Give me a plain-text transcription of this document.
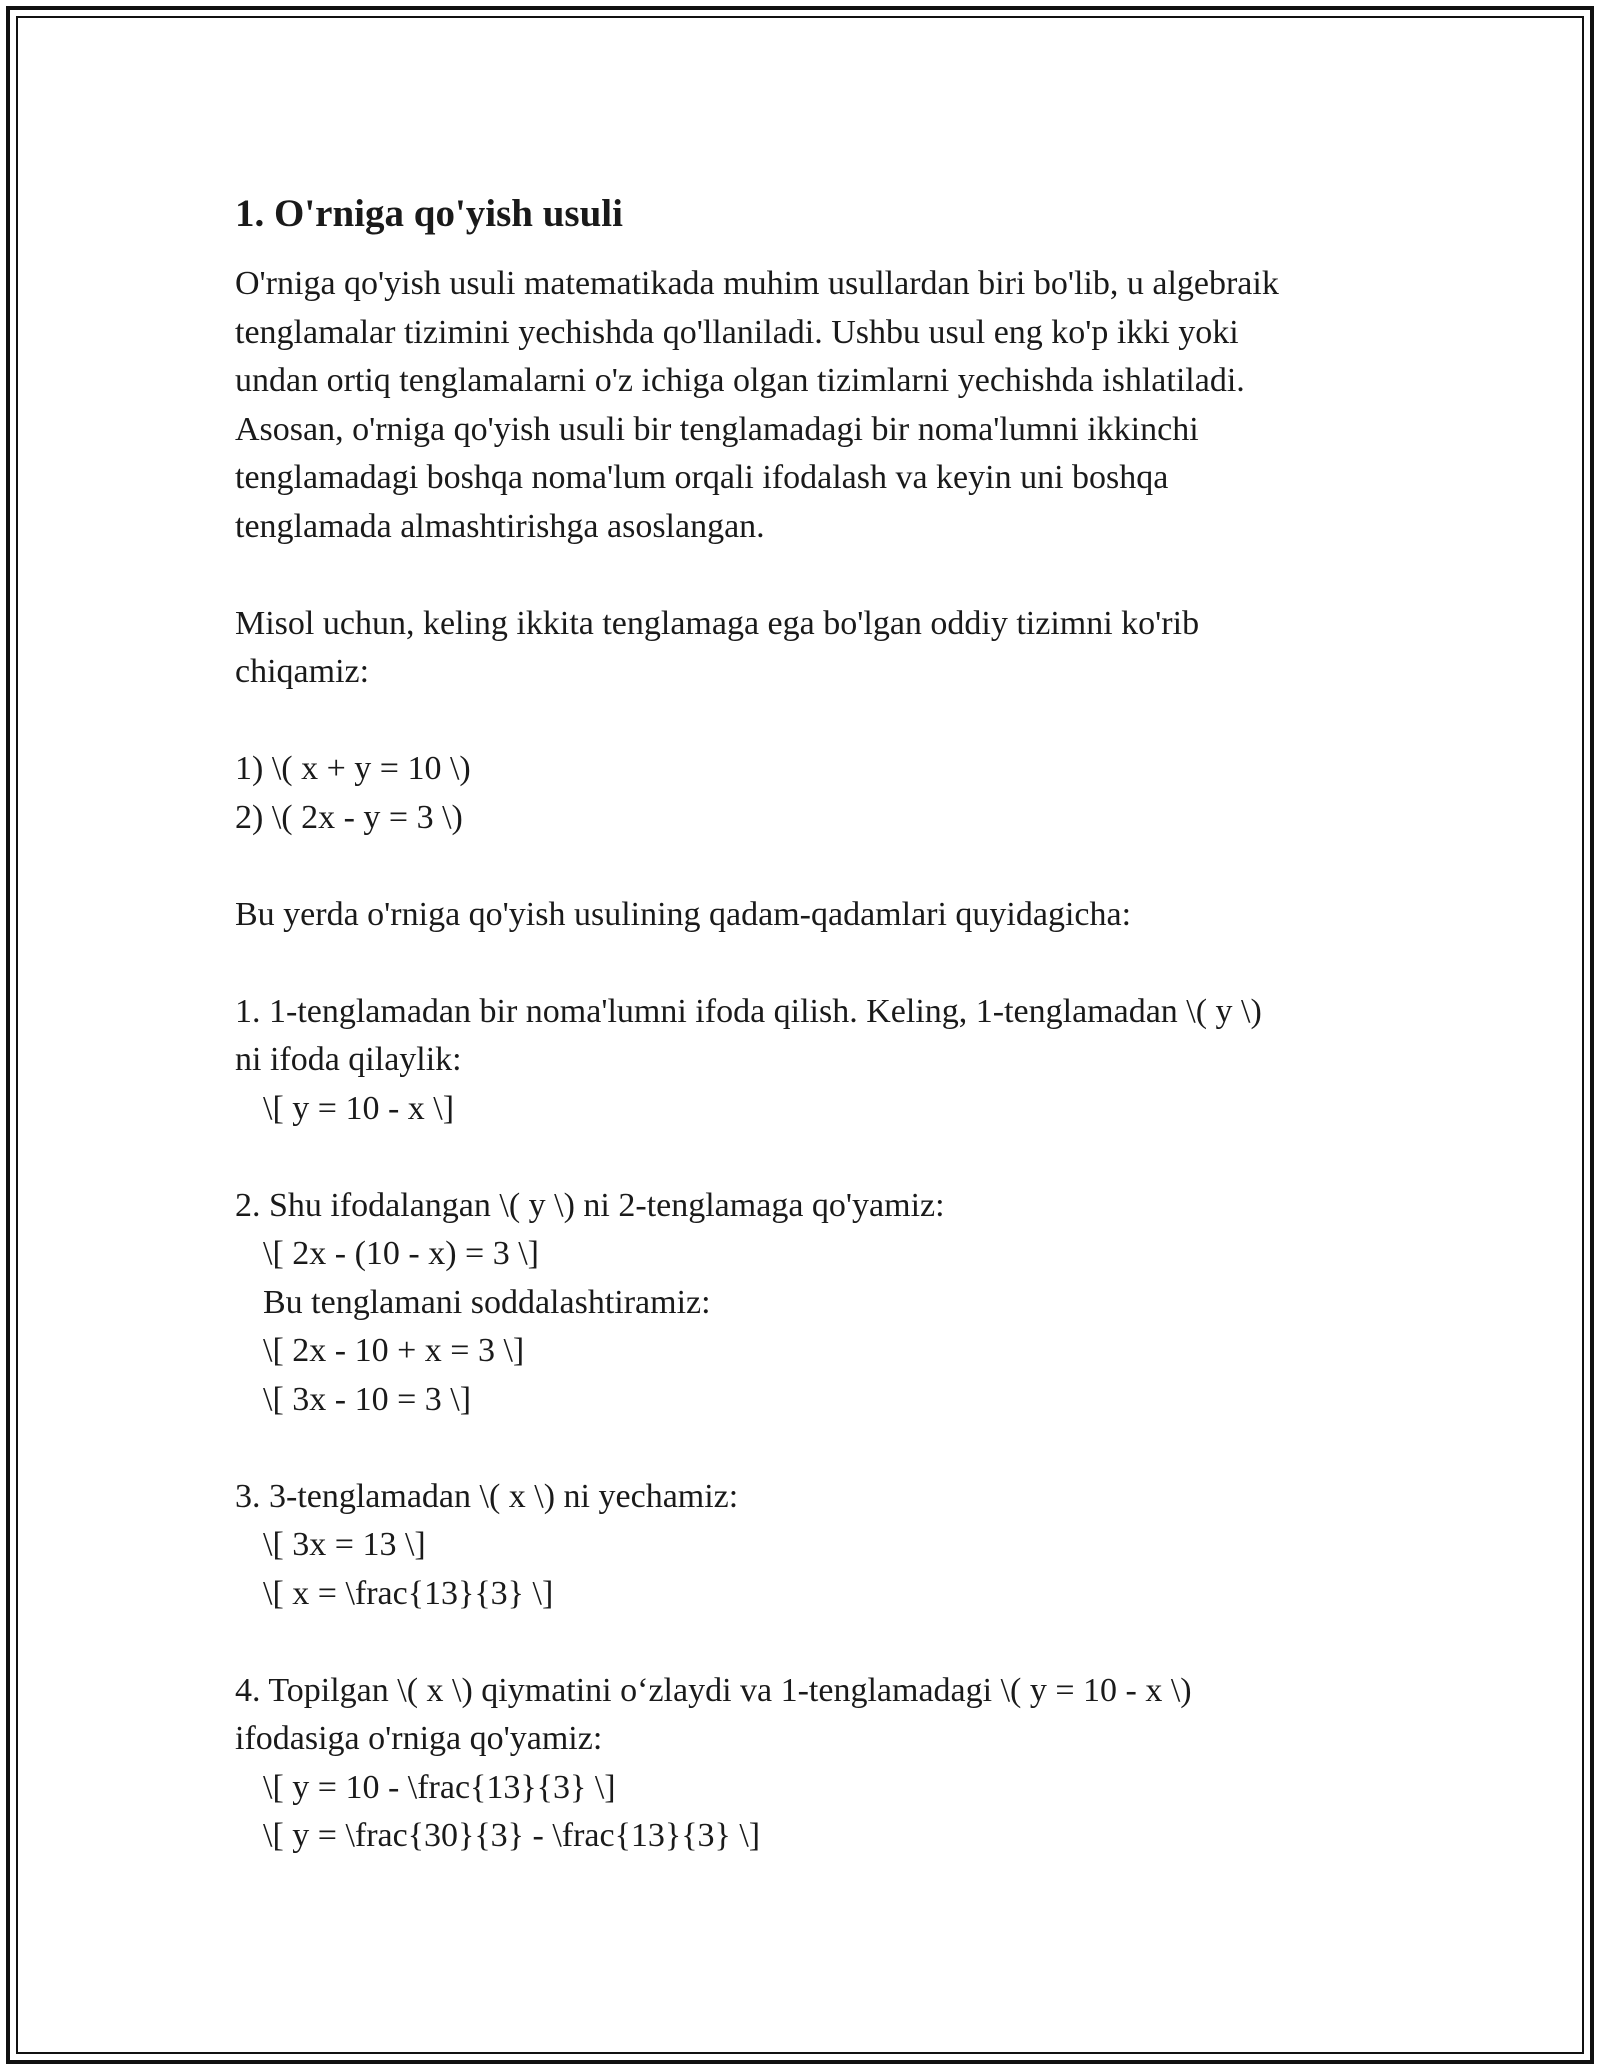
1. O'rniga qo'yish usuli

O'rniga qo'yish usuli matematikada muhim usullardan biri bo'lib, u algebraik
tenglamalar tizimini yechishda qo'llaniladi. Ushbu usul eng ko'p ikki yoki
undan ortiq tenglamalarni o'z ichiga olgan tizimlarni yechishda ishlatiladi.
Asosan, o'rniga qo'yish usuli bir tenglamadagi bir noma'lumni ikkinchi
tenglamadagi boshqa noma'lum orqali ifodalash va keyin uni boshqa
tenglamada almashtirishga asoslangan.

Misol uchun, keling ikkita tenglamaga ega bo'lgan oddiy tizimni ko'rib
chiqamiz:

1) \( x + y = 10 \)
2) \( 2x - y = 3 \)

Bu yerda o'rniga qo'yish usulining qadam-qadamlari quyidagicha:

1. 1-tenglamadan bir noma'lumni ifoda qilish. Keling, 1-tenglamadan \( y \)
ni ifoda qilaylik:
\[ y = 10 - x \]
2. Shu ifodalangan \( y \) ni 2-tenglamaga qo'yamiz:
\[ 2x - (10 - x) = 3 \]
Bu tenglamani soddalashtiramiz:
\[ 2x - 10 + x = 3 \]
\[ 3x - 10 = 3 \]
3. 3-tenglamadan \( x \) ni yechamiz:
\[ 3x = 13 \]
\[ x = \frac{13}{3} \]
4. Topilgan \( x \) qiymatini o‘zlaydi va 1-tenglamadagi \( y = 10 - x \)
ifodasiga o'rniga qo'yamiz:
\[ y = 10 - \frac{13}{3} \]
\[ y = \frac{30}{3} - \frac{13}{3} \]
